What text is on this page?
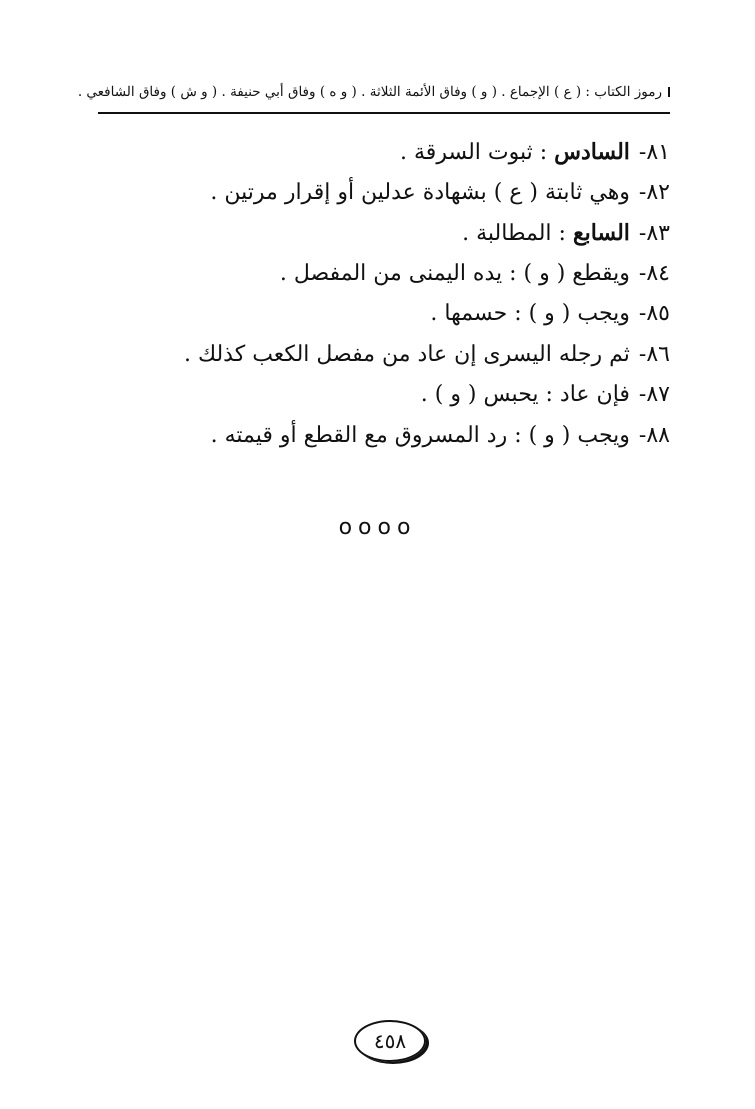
رموز الكتاب : ( ع ) الإجماع . ( و ) وفاق الأئمة الثلاثة . ( و ه ) وفاق أبي حنيفة . ( و ش ) وفاق الشافعي .
٨١- السادس : ثبوت السرقة .
٨٢- وهي ثابتة ( ع ) بشهادة عدلين أو إقرار مرتين .
٨٣- السابع : المطالبة .
٨٤- ويقطع ( و ) : يده اليمنى من المفصل .
٨٥- ويجب ( و ) : حسمها .
٨٦- ثم رجله اليسرى إن عاد من مفصل الكعب كذلك .
٨٧- فإن عاد : يحبس ( و ) .
٨٨- ويجب ( و ) : رد المسروق مع القطع أو قيمته .
oooo
٤٥٨
